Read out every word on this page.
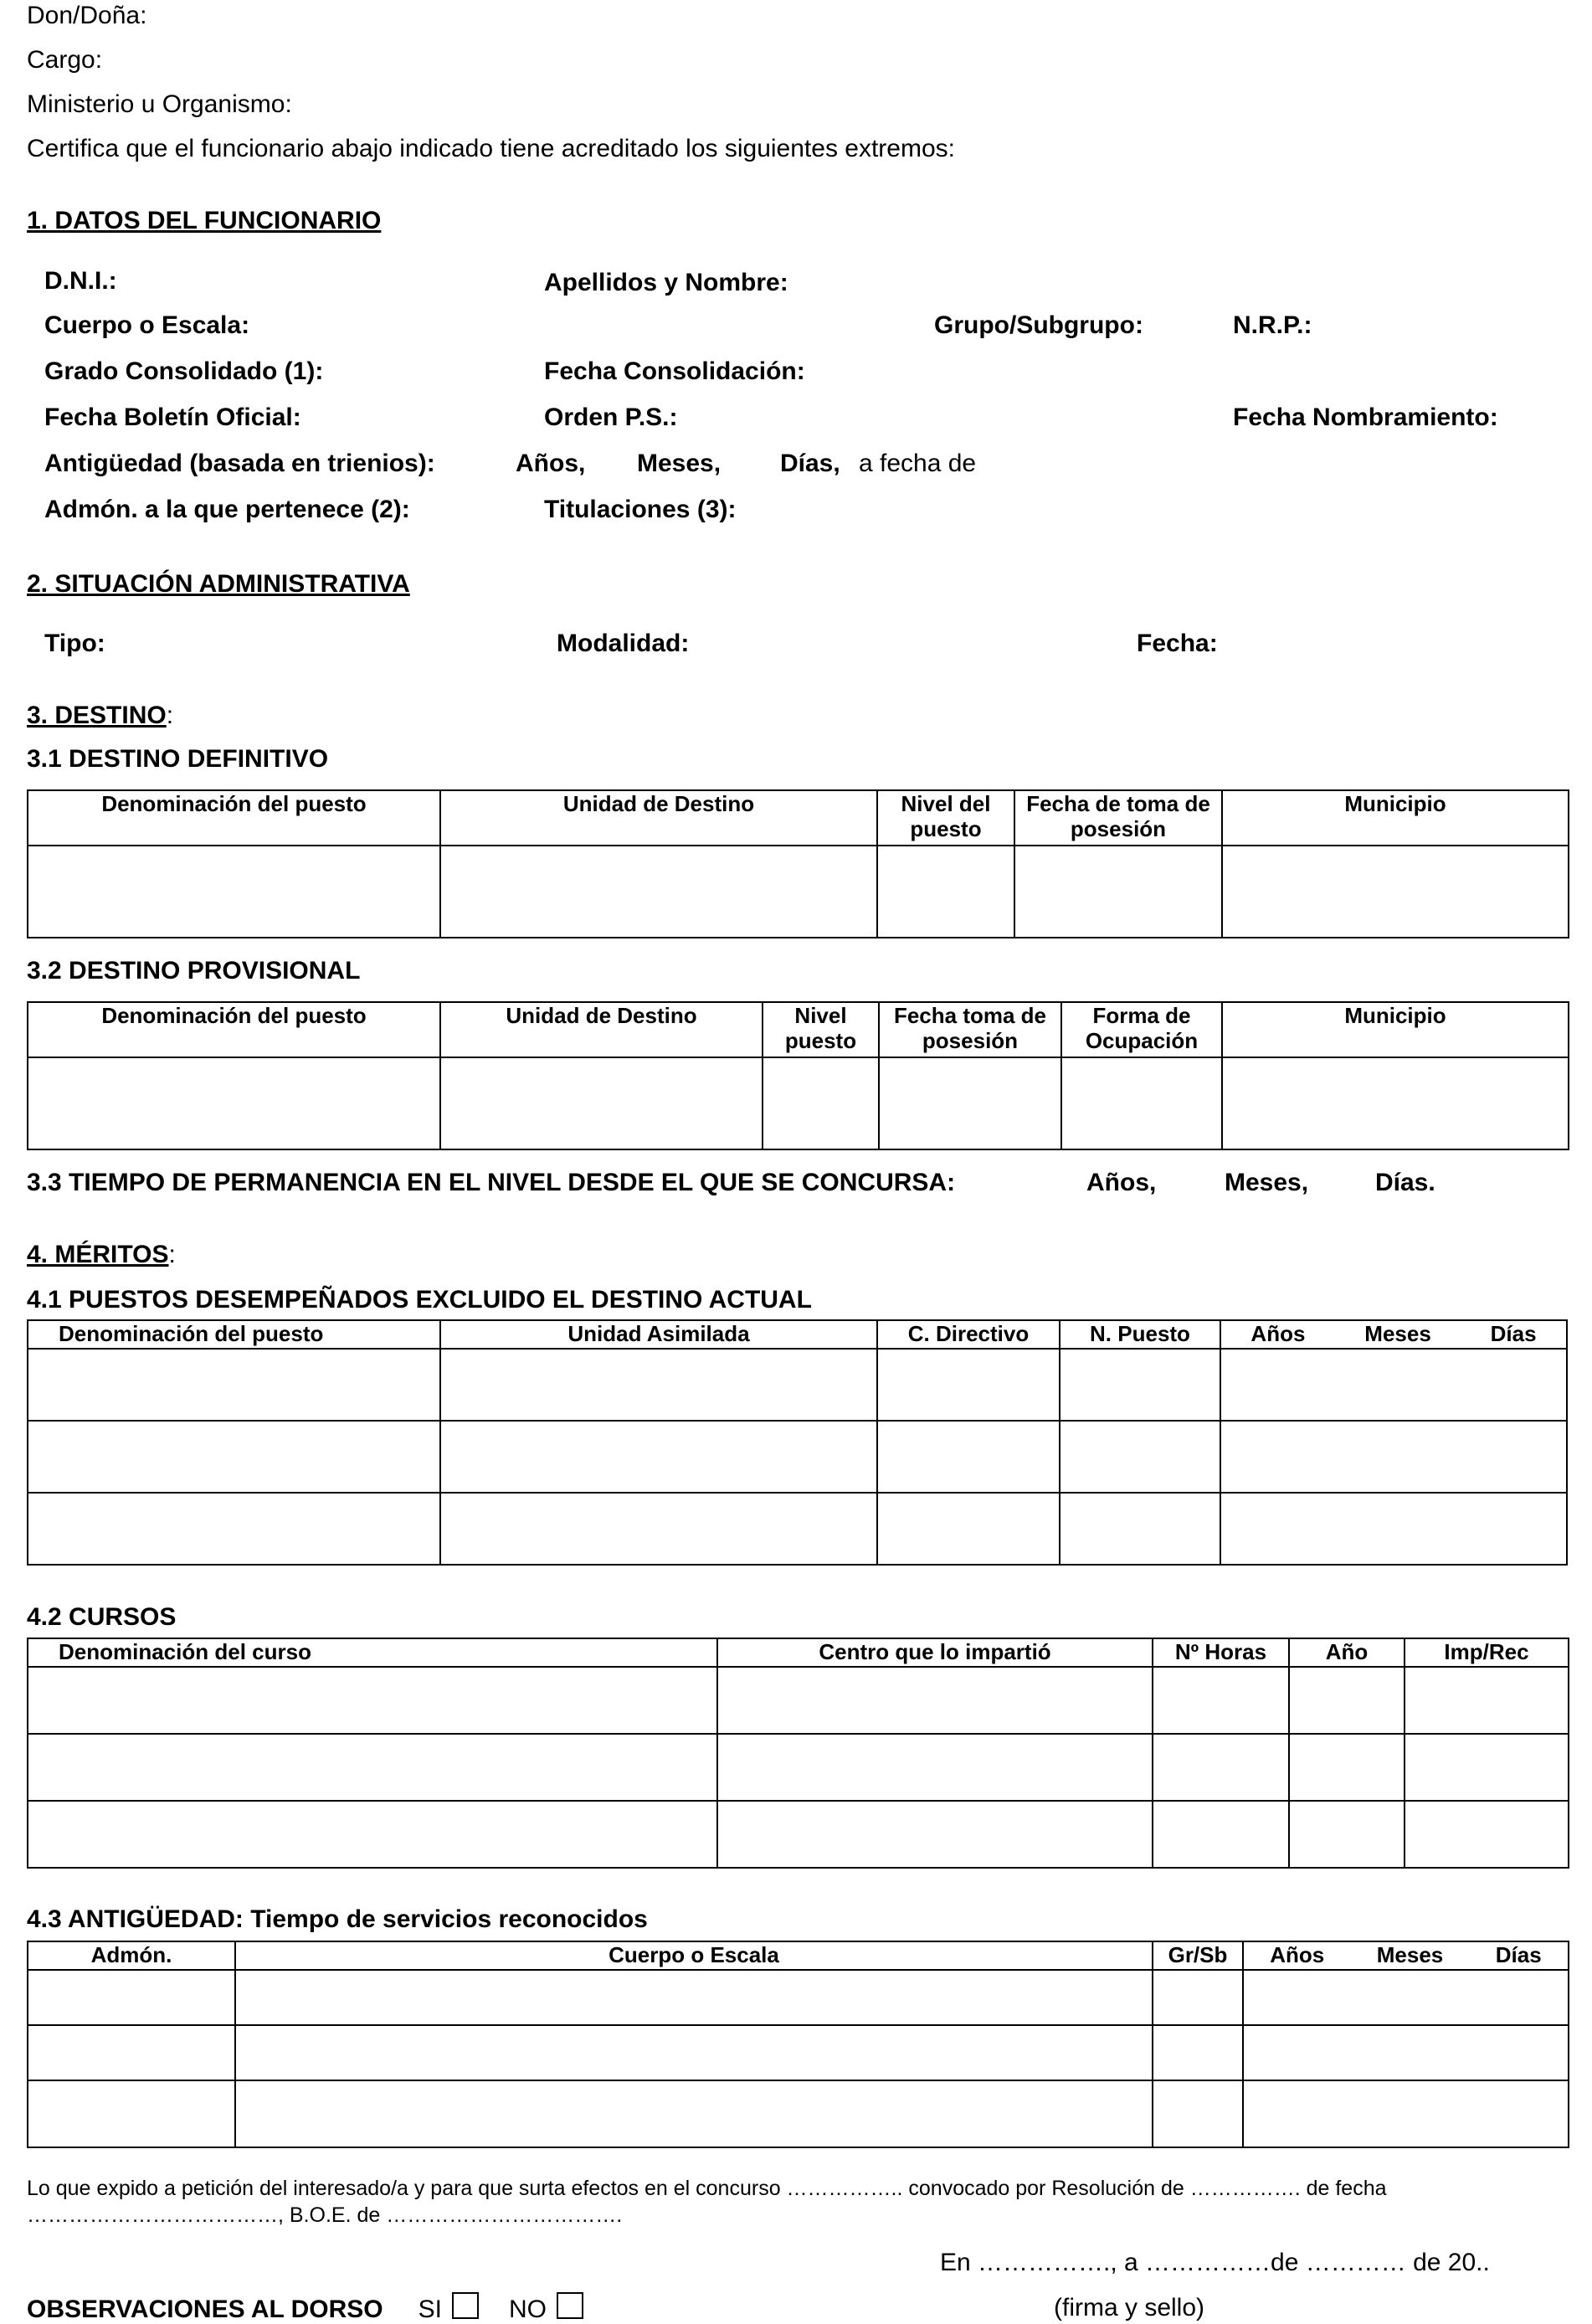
Don/Doña:
Cargo:
Ministerio u Organismo:
Certifica que el funcionario abajo indicado tiene acreditado los siguientes extremos:
1. DATOS DEL FUNCIONARIO
D.N.I.:	Apellidos y Nombre:
Cuerpo o Escala:	Grupo/Subgrupo:	N.R.P.:
Grado Consolidado (1):	Fecha Consolidación:
Fecha Boletín Oficial:	Orden P.S.:	Fecha Nombramiento:
Antigüedad (basada en trienios):	Años, Meses, Días, a fecha de
Admón. a la que pertenece (2):	Titulaciones (3):
2. SITUACIÓN ADMINISTRATIVA
Tipo:	Modalidad:	Fecha:
3. DESTINO:
3.1 DESTINO DEFINITIVO
Denominación del puesto	Unidad de Destino	Nivel del puesto	Fecha de toma de posesión	Municipio

3.2 DESTINO PROVISIONAL
Denominación del puesto	Unidad de Destino	Nivel puesto	Fecha toma de posesión	Forma de Ocupación	Municipio

3.3 TIEMPO DE PERMANENCIA EN EL NIVEL DESDE EL QUE SE CONCURSA:	Años,	Meses,	Días.
4. MÉRITOS:
4.1 PUESTOS DESEMPEÑADOS EXCLUIDO EL DESTINO ACTUAL
Denominación del puesto	Unidad Asimilada	C. Directivo	N. Puesto	Años Meses Días

4.2 CURSOS
Denominación del curso	Centro que lo impartió	Nº Horas	Año	Imp/Rec

4.3 ANTIGÜEDAD: Tiempo de servicios reconocidos
Admón.	Cuerpo o Escala	Gr/Sb	Años Meses Días

Lo que expido a petición del interesado/a y para que surta efectos en el concurso …………….. convocado por Resolución de ……………. de fecha
………………………………, B.O.E. de …………………………….
En ……………., a ……………de ………… de 20..
OBSERVACIONES AL DORSO SI	NO	(firma y sello)
